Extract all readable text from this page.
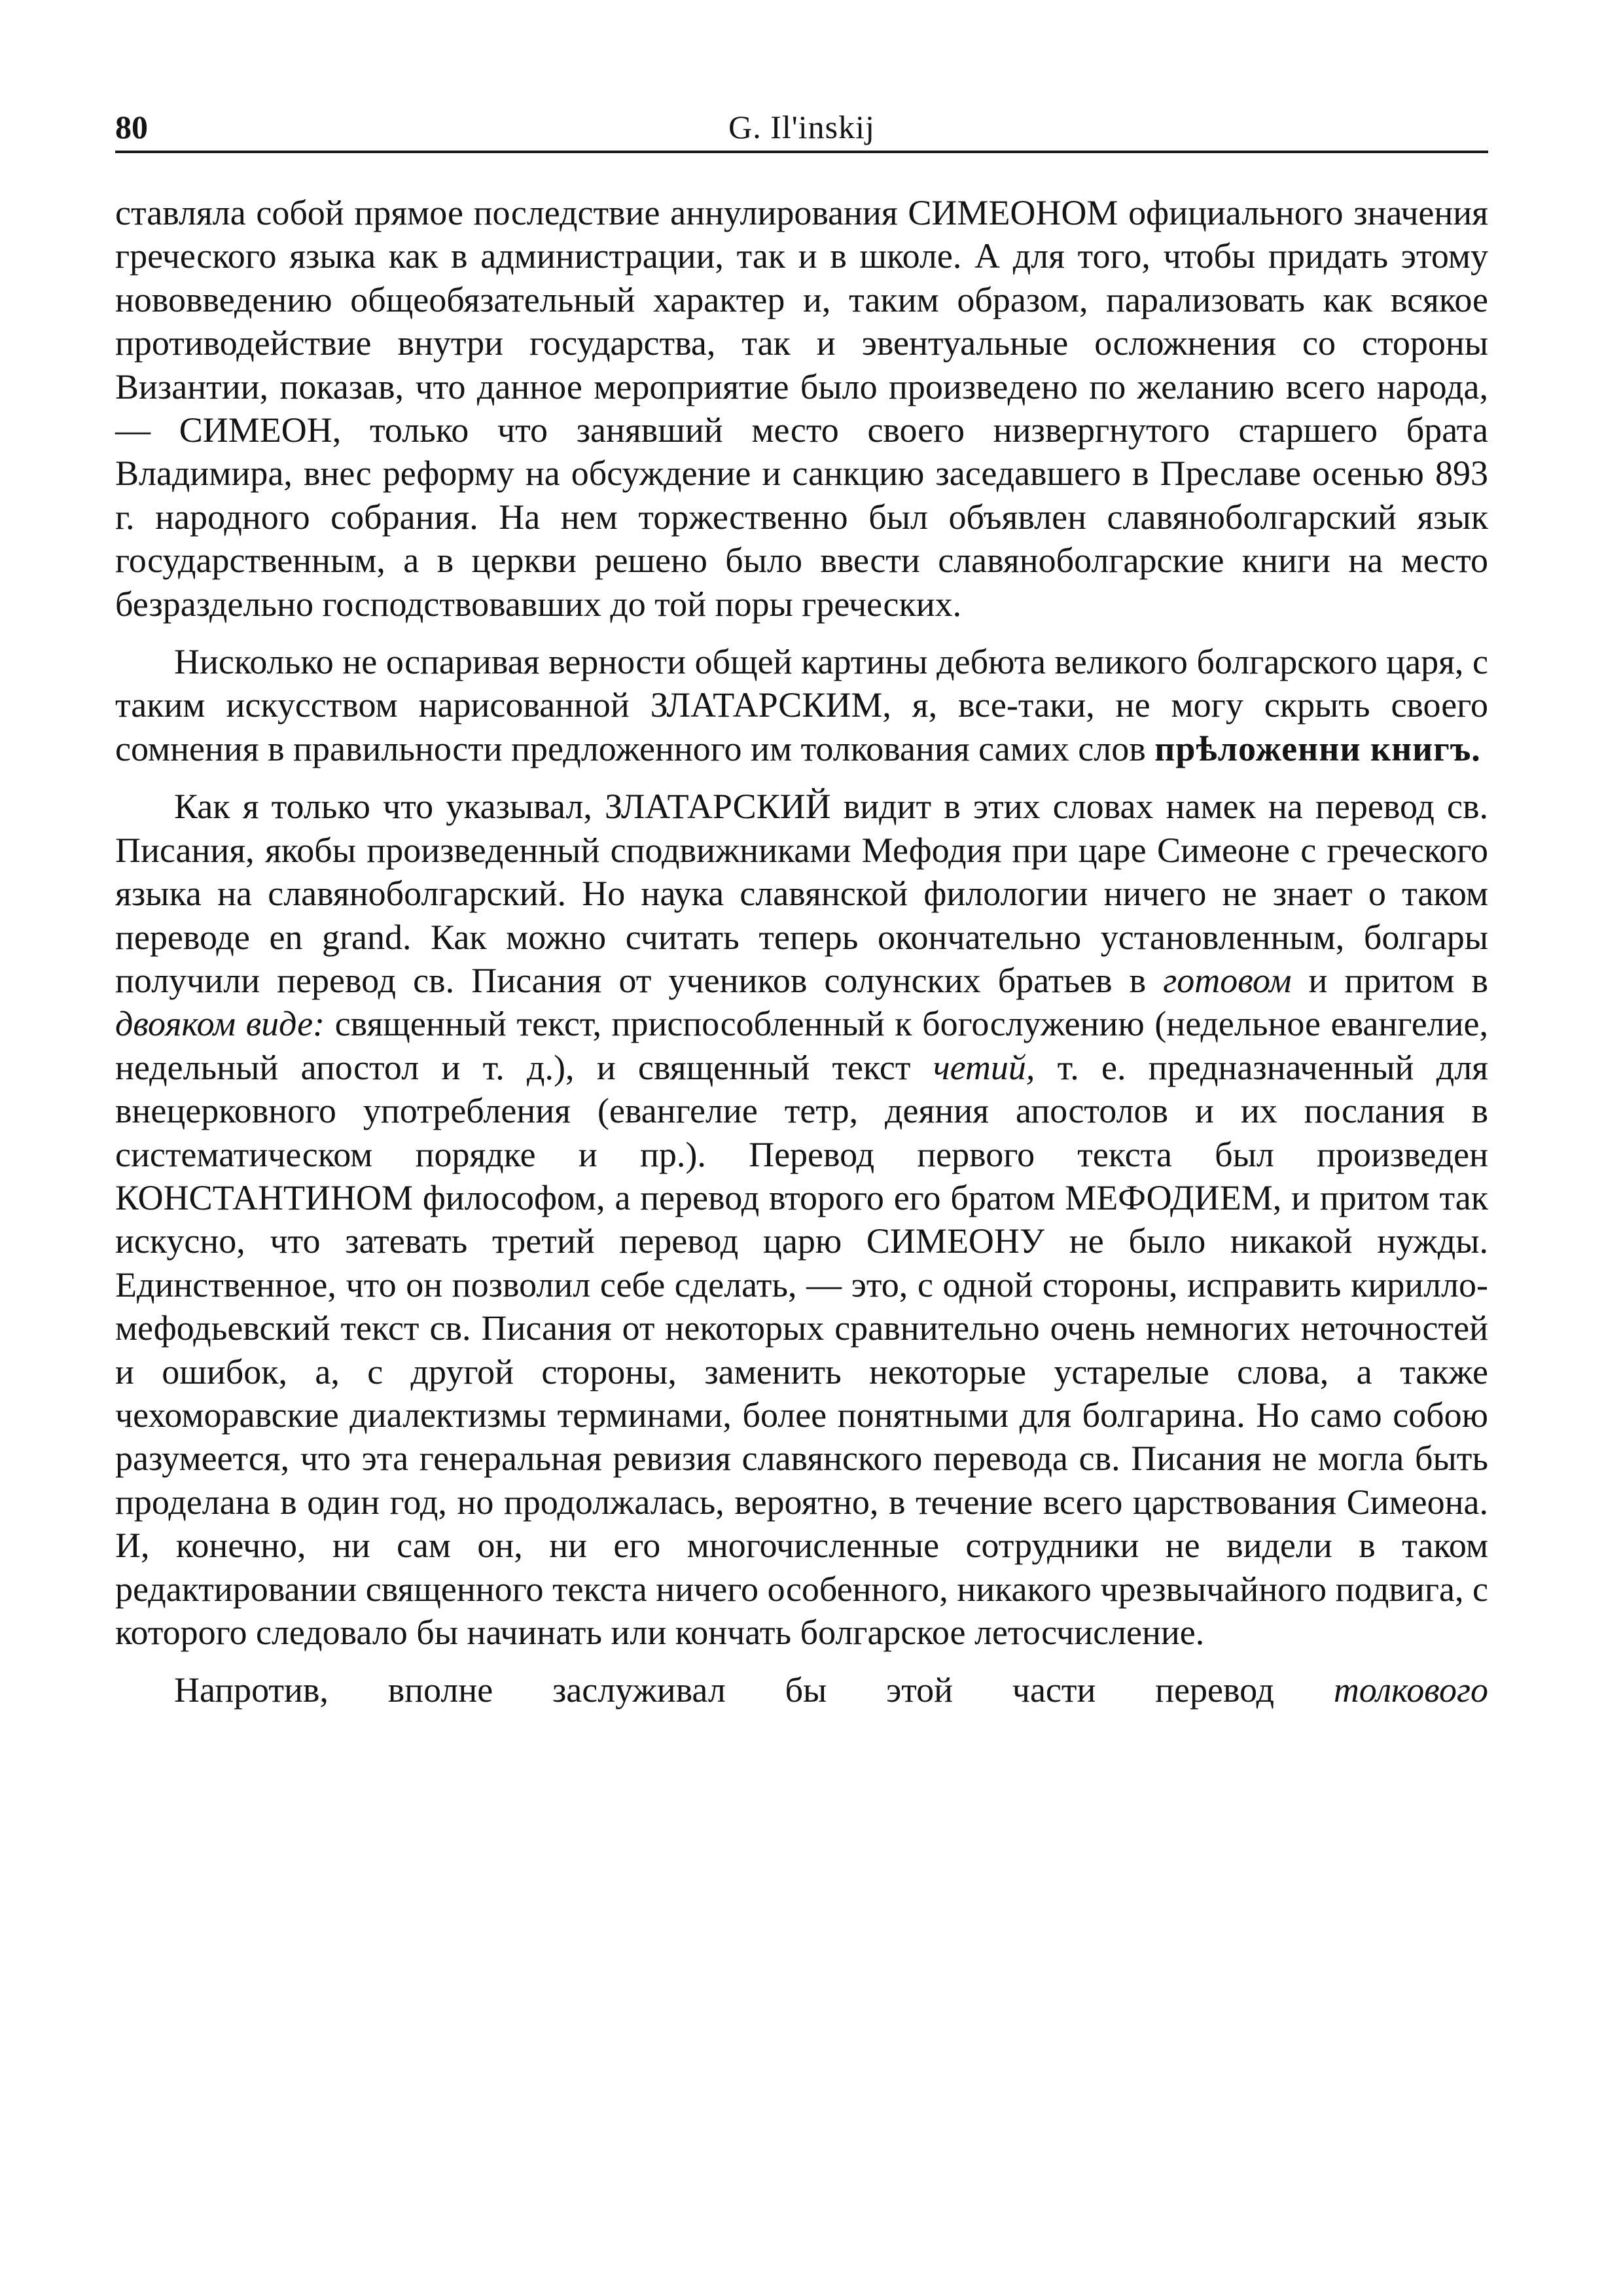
80	G. Il'inskij

ставляла собой прямое последствие аннулирования СИМЕОНОМ официального значения греческого языка как в администрации, так и в школе. А для того, чтобы придать этому нововведению общеобязательный характер и, таким образом, парализовать как всякое противодействие внутри государства, так и эвентуальные осложнения со стороны Византии, показав, что данное мероприятие было произведено по желанию всего народа, — СИМЕОН, только что занявший место своего низвергнутого старшего брата Владимира, внес реформу на обсуждение и санкцию заседавшего в Преславе осенью 893 г. народного собрания. На нем торжественно был объявлен славяноболгарский язык государственным, а в церкви решено было ввести славяноболгарские книги на место безраздельно господствовавших до той поры греческих.

Нисколько не оспаривая верности общей картины дебюта великого болгарского царя, с таким искусством нарисованной ЗЛАТАРСКИМ, я, все-таки, не могу скрыть своего сомнения в правильности предложенного им толкования самих слов прѣложенни книгъ.

Как я только что указывал, ЗЛАТАРСКИЙ видит в этих словах намек на перевод св. Писания, якобы произведенный сподвижниками Мефодия при царе Симеоне с греческого языка на славяноболгарский. Но наука славянской филологии ничего не знает о таком переводе en grand. Как можно считать теперь окончательно установленным, болгары получили перевод св. Писания от учеников солунских братьев в готовом и притом в двояком виде: священный текст, приспособленный к богослужению (недельное евангелие, недельный апостол и т. д.), и священный текст четий, т. е. предназначенный для внецерковного употребления (евангелие тетр, деяния апостолов и их послания в систематическом порядке и пр.). Перевод первого текста был произведен КОНСТАНТИНОМ философом, а перевод второго его братом МЕФОДИЕМ, и притом так искусно, что затевать третий перевод царю СИМЕОНУ не было никакой нужды. Единственное, что он позволил себе сделать, — это, с одной стороны, исправить кирилло-мефодьевский текст св. Писания от некоторых сравнительно очень немногих неточностей и ошибок, а, с другой стороны, заменить некоторые устарелые слова, а также чехоморавские диалектизмы терминами, более понятными для болгарина. Но само собою разумеется, что эта генеральная ревизия славянского перевода св. Писания не могла быть проделана в один год, но продолжалась, вероятно, в течение всего царствования Симеона. И, конечно, ни сам он, ни его многочисленные сотрудники не видели в таком редактировании священного текста ничего особенного, никакого чрезвычайного подвига, с которого следовало бы начинать или кончать болгарское летосчисление.

Напротив, вполне заслуживал бы этой части перевод толкового
